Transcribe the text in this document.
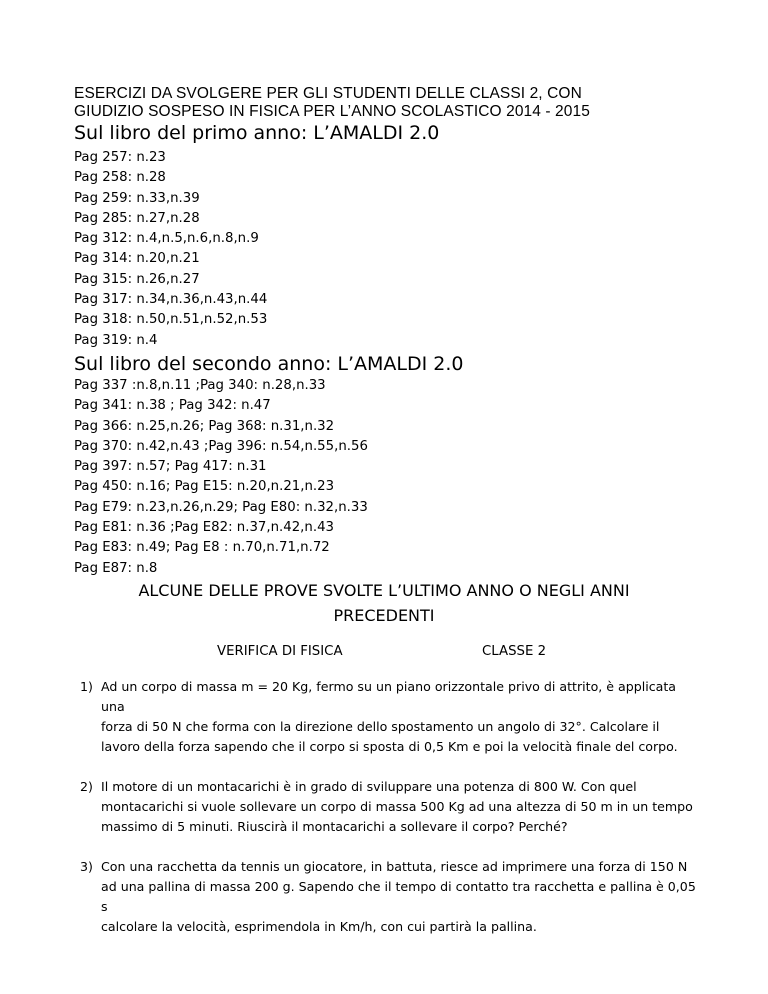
ESERCIZI DA SVOLGERE PER GLI STUDENTI DELLE CLASSI 2, CON
GIUDIZIO SOSPESO IN FISICA PER L’ANNO SCOLASTICO 2014 - 2015
Sul libro del primo anno: L’AMALDI 2.0
Pag 257: n.23
Pag 258: n.28
Pag 259: n.33,n.39
Pag 285: n.27,n.28
Pag 312: n.4,n.5,n.6,n.8,n.9
Pag 314: n.20,n.21
Pag 315: n.26,n.27
Pag 317: n.34,n.36,n.43,n.44
Pag 318: n.50,n.51,n.52,n.53
Pag 319: n.4
Sul libro del secondo anno: L’AMALDI 2.0
Pag 337 :n.8,n.11 ;Pag 340: n.28,n.33
Pag 341: n.38 ; Pag 342: n.47
Pag 366: n.25,n.26; Pag 368: n.31,n.32
Pag 370: n.42,n.43 ;Pag 396: n.54,n.55,n.56
Pag 397: n.57; Pag 417: n.31
Pag 450: n.16; Pag E15: n.20,n.21,n.23
Pag E79: n.23,n.26,n.29; Pag E80: n.32,n.33
Pag E81: n.36 ;Pag E82: n.37,n.42,n.43
Pag E83: n.49; Pag E8 : n.70,n.71,n.72
Pag E87: n.8
ALCUNE DELLE PROVE SVOLTE L’ULTIMO ANNO O NEGLI ANNI
PRECEDENTI
VERIFICA DI FISICA	CLASSE 2
1) Ad un corpo di massa m = 20 Kg, fermo su un piano orizzontale privo di attrito, è applicata una
forza di 50 N che forma con la direzione dello spostamento un angolo di 32°. Calcolare il
lavoro della forza sapendo che il corpo si sposta di 0,5 Km e poi la velocità finale del corpo.
2) Il motore di un montacarichi è in grado di sviluppare una potenza di 800 W. Con quel
montacarichi si vuole sollevare un corpo di massa 500 Kg ad una altezza di 50 m in un tempo
massimo di 5 minuti. Riuscirà il montacarichi a sollevare il corpo? Perché?
3) Con una racchetta da tennis un giocatore, in battuta, riesce ad imprimere una forza di 150 N
ad una pallina di massa 200 g. Sapendo che il tempo di contatto tra racchetta e pallina è 0,05 s
calcolare la velocità, esprimendola in Km/h, con cui partirà la pallina.
